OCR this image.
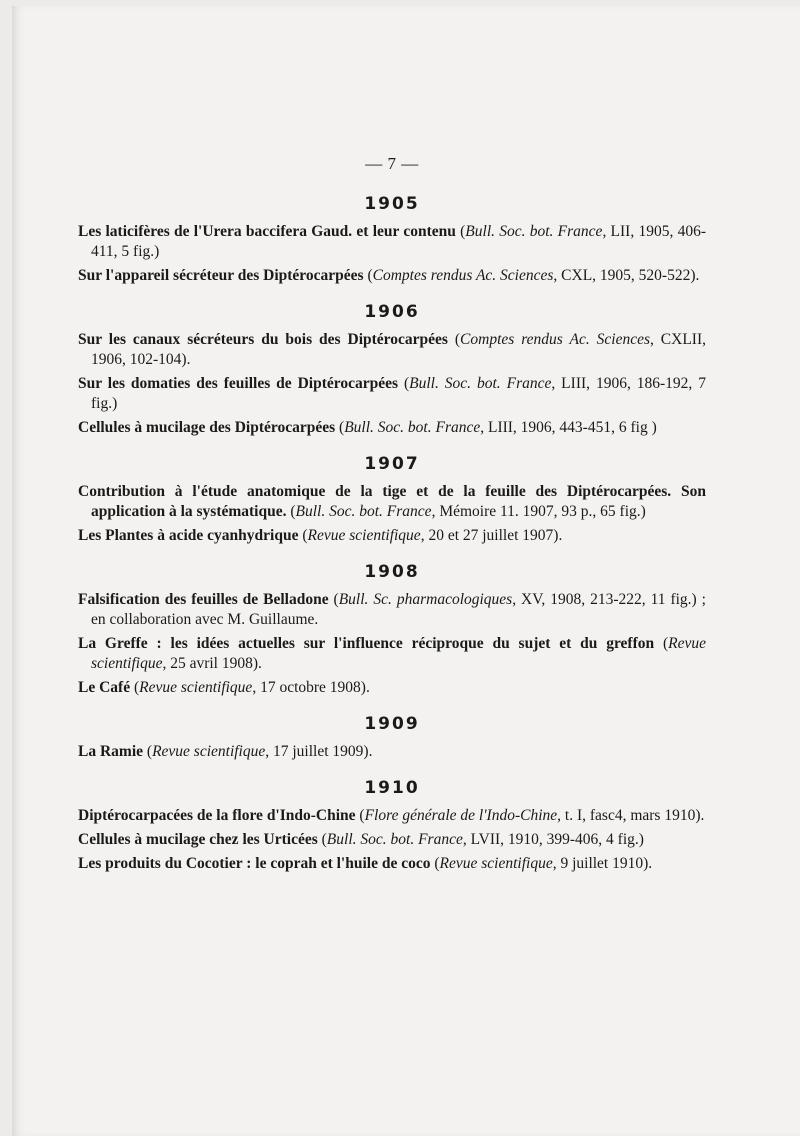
— 7 —
1905
Les laticifères de l'Urera baccifera Gaud. et leur contenu (Bull. Soc. bot. France, LII, 1905, 406-411, 5 fig.)
Sur l'appareil sécréteur des Diptérocarpées (Comptes rendus Ac. Sciences, CXL, 1905, 520-522).
1906
Sur les canaux sécréteurs du bois des Diptérocarpées (Comptes rendus Ac. Sciences, CXLII, 1906, 102-104).
Sur les domaties des feuilles de Diptérocarpées (Bull. Soc. bot. France, LIII, 1906, 186-192, 7 fig.)
Cellules à mucilage des Diptérocarpées (Bull. Soc. bot. France, LIII, 1906, 443-451, 6 fig )
1907
Contribution à l'étude anatomique de la tige et de la feuille des Diptérocarpées. Son application à la systématique. (Bull. Soc. bot. France, Mémoire 11. 1907, 93 p., 65 fig.)
Les Plantes à acide cyanhydrique (Revue scientifique, 20 et 27 juillet 1907).
1908
Falsification des feuilles de Belladone (Bull. Sc. pharmacologiques, XV, 1908, 213-222, 11 fig.) ; en collaboration avec M. Guillaume.
La Greffe : les idées actuelles sur l'influence réciproque du sujet et du greffon (Revue scientifique, 25 avril 1908).
Le Café (Revue scientifique, 17 octobre 1908).
1909
La Ramie (Revue scientifique, 17 juillet 1909).
1910
Diptérocarpacées de la flore d'Indo-Chine (Flore générale de l'Indo-Chine, t. I, fasc4, mars 1910).
Cellules à mucilage chez les Urticées (Bull. Soc. bot. France, LVII, 1910, 399-406, 4 fig.)
Les produits du Cocotier : le coprah et l'huile de coco (Revue scientifique, 9 juillet 1910).
